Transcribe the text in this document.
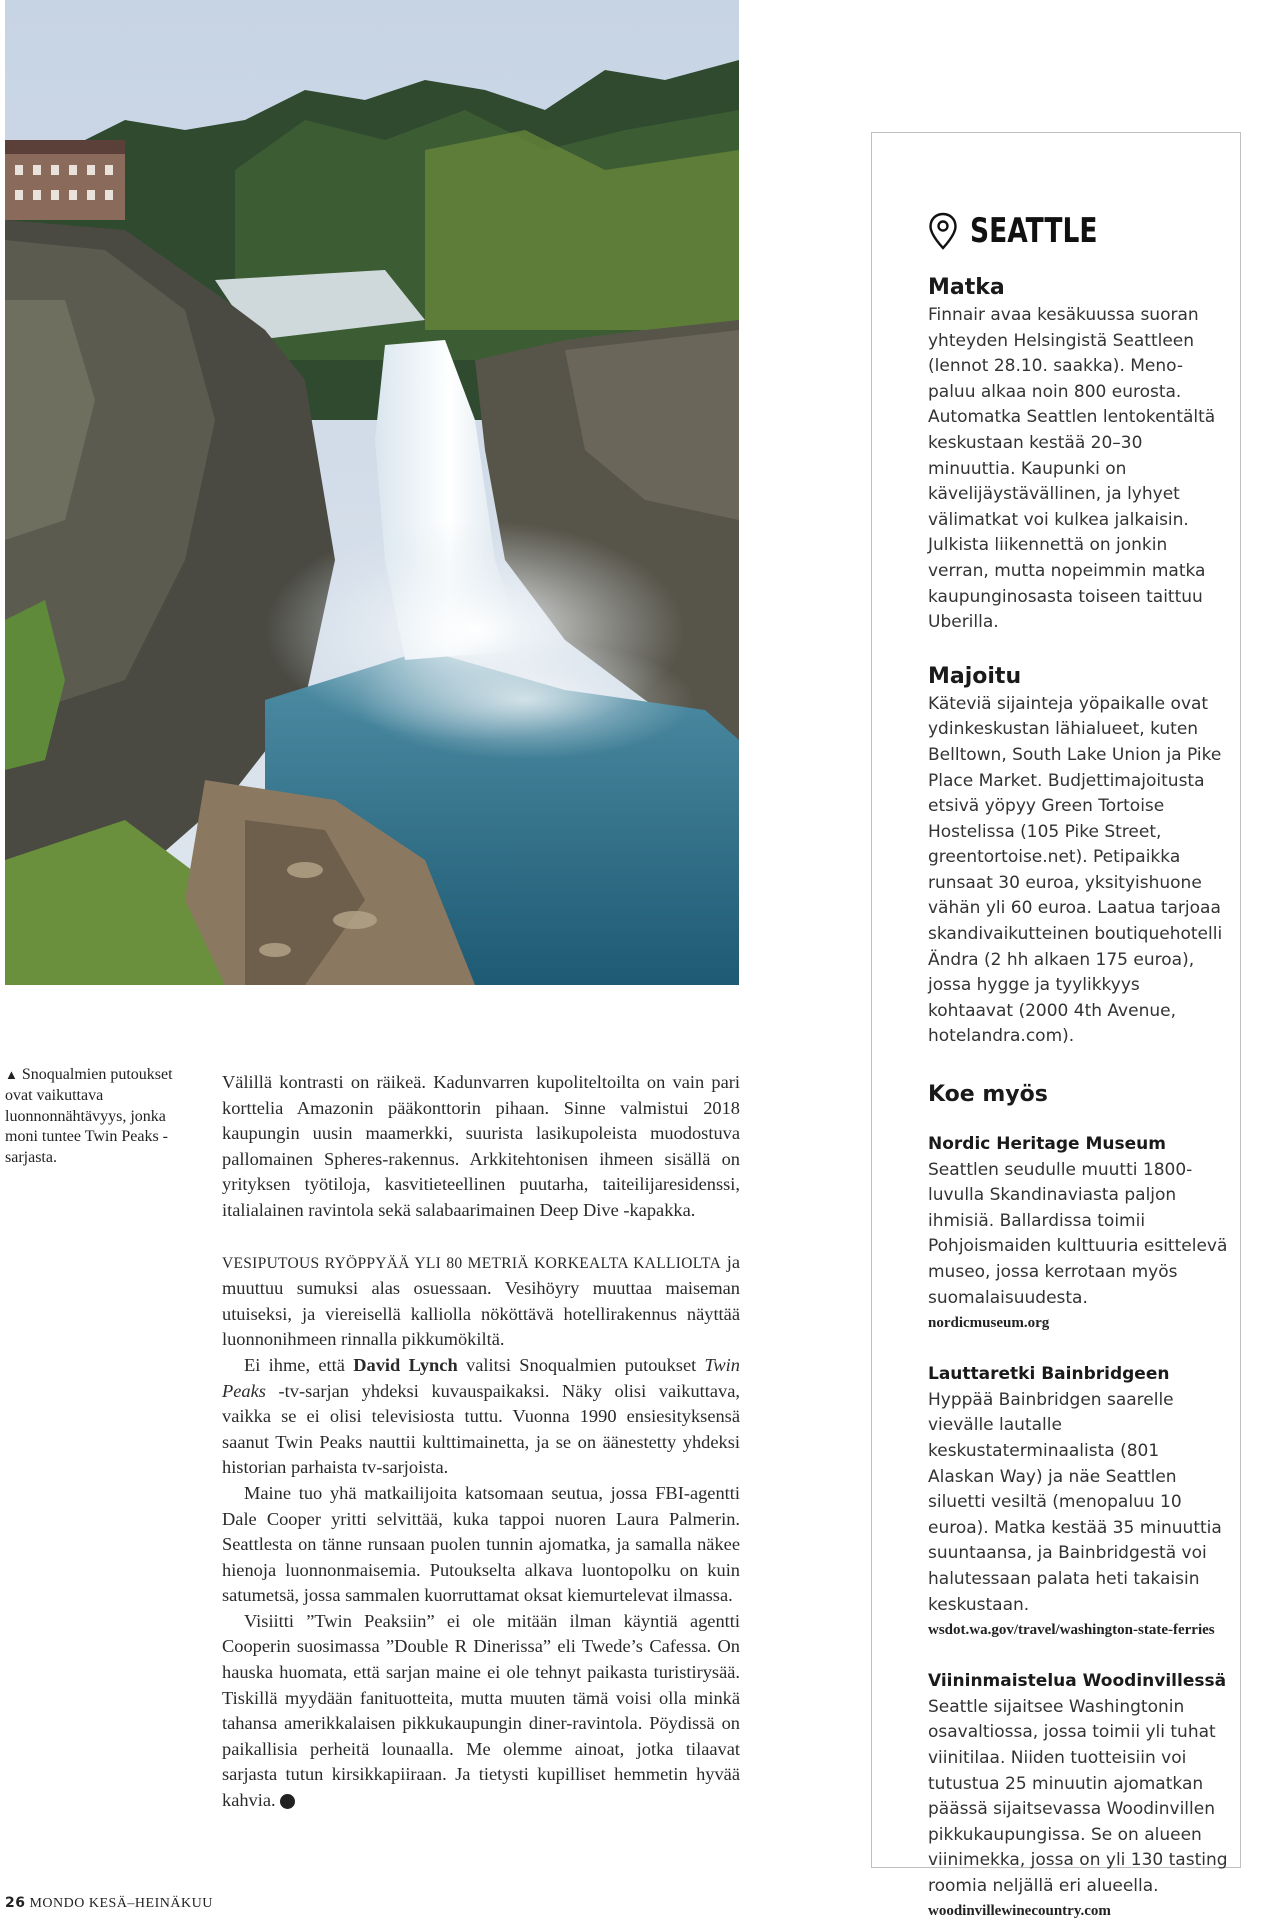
SEATTLE

Matka

Finnair avaa kesäkuussa suoran yhteyden Helsingistä Seattleen (lennot 28.10. saakka). Meno-paluu alkaa noin 800 eurosta. Automatka Seattlen lentokentältä keskustaan kestää 20–30 minuuttia. Kaupunki on kävelijäystävällinen, ja lyhyet välimatkat voi kulkea jalkaisin. Julkista liikennettä on jonkin verran, mutta nopeimmin matka kaupunginosasta toiseen taittuu Uberilla.

Majoitu

Käteviä sijainteja yöpaikalle ovat ydinkeskustan lähialueet, kuten Belltown, South Lake Union ja Pike Place Market. Budjettimajoitusta etsivä yöpyy Green Tortoise Hostelissa (105 Pike Street, greentortoise.net). Petipaikka runsaat 30 euroa, yksityishuone vähän yli 60 euroa. Laatua tarjoaa skandivaikutteinen boutiquehotelli Ändra (2 hh alkaen 175 euroa), jossa hygge ja tyylikkyys kohtaavat (2000 4th Avenue, hotelandra.com).

Koe myös

Nordic Heritage Museum

Seattlen seudulle muutti 1800-luvulla Skandinaviasta paljon ihmisiä. Ballardissa toimii Pohjoismaiden kulttuuria esittelevä museo, jossa kerrotaan myös suomalaisuudesta.

nordicmuseum.org

Lauttaretki Bainbridgeen

Hyppää Bainbridgen saarelle vievälle lautalle keskustaterminaalista (801 Alaskan Way) ja näe Seattlen siluetti vesiltä (menopaluu 10 euroa). Matka kestää 35 minuuttia suuntaansa, ja Bainbridgestä voi halutessaan palata heti takaisin keskustaan.

wsdot.wa.gov/travel/washington-state-ferries

Viininmaistelua Woodinvillessä

Seattle sijaitsee Washingtonin osavaltiossa, jossa toimii yli tuhat viinitilaa. Niiden tuotteisiin voi tutustua 25 minuutin ajomatkan päässä sijaitsevassa Woodinvillen pikkukaupungissa. Se on alueen viinimekka, jossa on yli 130 tasting roomia neljällä eri alueella.

woodinvillewinecountry.com

▲ Snoqualmien putoukset ovat vaikuttava luonnonnähtävyys, jonka moni tuntee Twin Peaks -sarjasta.

Välillä kontrasti on räikeä. Kadunvarren kupoliteltoilta on vain pari korttelia Amazonin pääkonttorin pihaan. Sinne valmistui 2018 kaupungin uusin maamerkki, suurista lasikupoleista muodostuva pallomainen Spheres-rakennus. Arkkitehtonisen ihmeen sisällä on yrityksen työtiloja, kasvitieteellinen puutarha, taiteilijaresidenssi, italialainen ravintola sekä salabaarimainen Deep Dive -kapakka.

VESIPUTOUS RYÖPPYÄÄ YLI 80 METRIÄ KORKEALTA KALLIOLTA ja muuttuu sumuksi alas osuessaan. Vesihöyry muuttaa maiseman utuiseksi, ja viereisellä kalliolla nököttävä hotellirakennus näyttää luonnonihmeen rinnalla pikkumökiltä.

Ei ihme, että David Lynch valitsi Snoqualmien putoukset Twin Peaks -tv-sarjan yhdeksi kuvauspaikaksi. Näky olisi vaikuttava, vaikka se ei olisi televisiosta tuttu. Vuonna 1990 ensiesityksensä saanut Twin Peaks nauttii kulttimainetta, ja se on äänestetty yhdeksi historian parhaista tv-sarjoista.

Maine tuo yhä matkailijoita katsomaan seutua, jossa FBI-agentti Dale Cooper yritti selvittää, kuka tappoi nuoren Laura Palmerin. Seattlesta on tänne runsaan puolen tunnin ajomatka, ja samalla näkee hienoja luonnonmaisemia. Putoukselta alkava luontopolku on kuin satumetsä, jossa sammalen kuorruttamat oksat kiemurtelevat ilmassa.

Visiitti ”Twin Peaksiin” ei ole mitään ilman käyntiä agentti Cooperin suosimassa ”Double R Dinerissa” eli Twede’s Cafessa. On hauska huomata, että sarjan maine ei ole tehnyt paikasta turistirysää. Tiskillä myydään fanituotteita, mutta muuten tämä voisi olla minkä tahansa amerikkalaisen pikkukaupungin diner-ravintola. Pöydissä on paikallisia perheitä lounaalla. Me olemme ainoat, jotka tilaavat sarjasta tutun kirsikkapiiraan. Ja tietysti kupilliset hemmetin hyvää kahvia.	M

26 MONDO KESÄ–HEINÄKUU
